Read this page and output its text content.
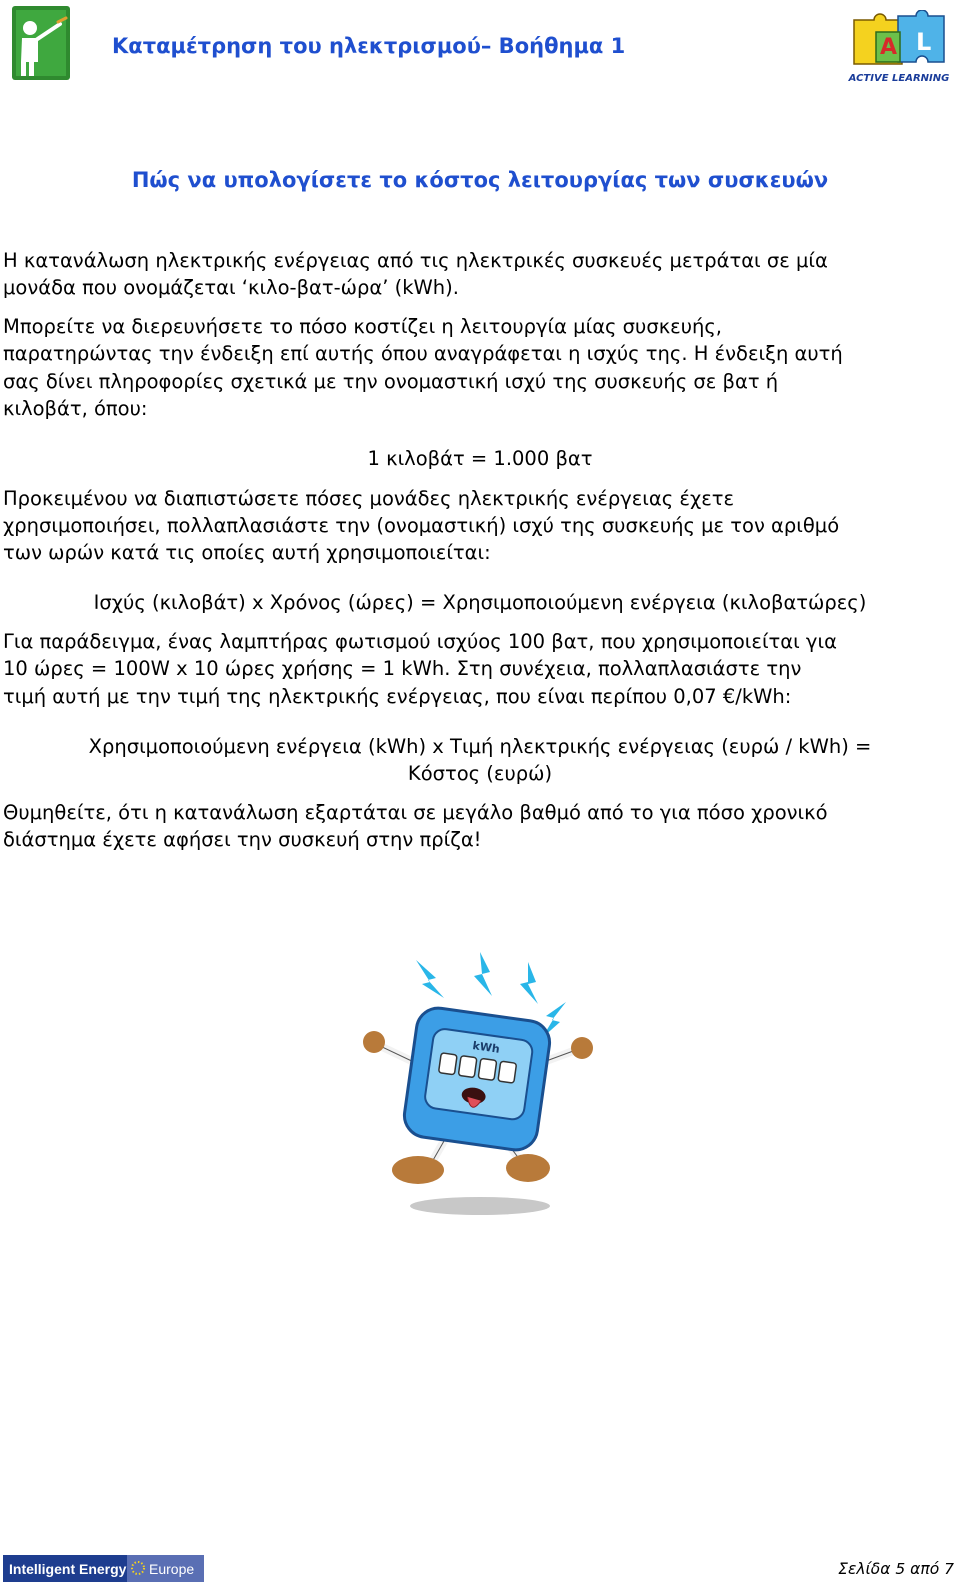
Καταμέτρηση του ηλεκτρισμού– Βοήθημα 1	A L
ACTIVE LEARNING
Πώς να υπολογίσετε το κόστος λειτουργίας των συσκευών

Η κατανάλωση ηλεκτρικής ενέργειας από τις ηλεκτρικές συσκευές μετράται σε μία

μονάδα που ονομάζεται ‘κιλο-βατ-ώρα’ (kWh).

Μπορείτε να διερευνήσετε το πόσο κοστίζει η λειτουργία μίας συσκευής,

παρατηρώντας την ένδειξη επί αυτής όπου αναγράφεται η ισχύς της. Η ένδειξη αυτή

σας δίνει πληροφορίες σχετικά με την ονομαστική ισχύ της συσκευής σε βατ ή

κιλοβάτ, όπου:

1 κιλοβάτ = 1.000 βατ

Προκειμένου να διαπιστώσετε πόσες μονάδες ηλεκτρικής ενέργειας έχετε

χρησιμοποιήσει, πολλαπλασιάστε την (ονομαστική) ισχύ της συσκευής με τον αριθμό

των ωρών κατά τις οποίες αυτή χρησιμοποιείται:

Ισχύς (κιλοβάτ) x Χρόνος (ώρες) = Χρησιμοποιούμενη ενέργεια (κιλοβατώρες)

Για παράδειγμα, ένας λαμπτήρας φωτισμού ισχύος 100 βατ, που χρησιμοποιείται για

10 ώρες = 100W x 10 ώρες χρήσης = 1 kWh. Στη συνέχεια, πολλαπλασιάστε την

τιμή αυτή με την τιμή της ηλεκτρικής ενέργειας, που είναι περίπου 0,07 €/kWh:

Χρησιμοποιούμενη ενέργεια (kWh) x Τιμή ηλεκτρικής ενέργειας (ευρώ / kWh) =

Κόστος (ευρώ)

Θυμηθείτε, ότι η κατανάλωση εξαρτάται σε μεγάλο βαθμό από το για πόσο χρονικό

διάστημα έχετε αφήσει την συσκευή στην πρίζα!

kWh
Intelligent Energy Europe	Σελίδα 5 από 7
